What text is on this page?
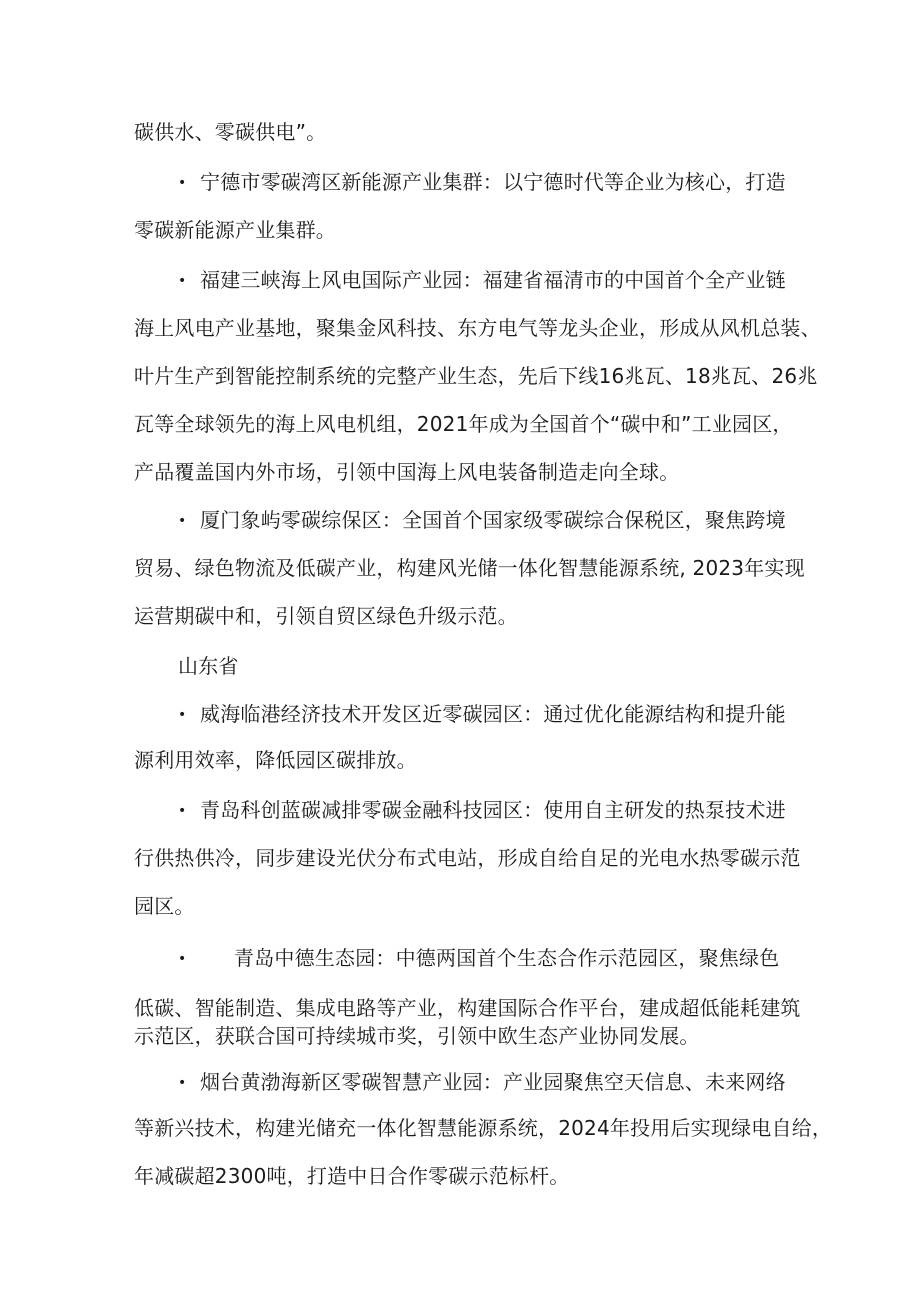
碳供水、零碳供电”。
• 宁德市零碳湾区新能源产业集群：以宁德时代等企业为核心，打造
零碳新能源产业集群。
• 福建三峡海上风电国际产业园：福建省福清市的中国首个全产业链
海上风电产业基地，聚集金风科技、东方电气等龙头企业，形成从风机总装、
叶片生产到智能控制系统的完整产业生态，先后下线16兆瓦、18兆瓦、26兆
瓦等全球领先的海上风电机组，2021年成为全国首个“碳中和”工业园区，
产品覆盖国内外市场，引领中国海上风电装备制造走向全球。
• 厦门象屿零碳综保区：全国首个国家级零碳综合保税区，聚焦跨境
贸易、绿色物流及低碳产业，构建风光储一体化智慧能源系统, 2023年实现
运营期碳中和，引领自贸区绿色升级示范。
山东省
• 威海临港经济技术开发区近零碳园区：通过优化能源结构和提升能
源利用效率，降低园区碳排放。
• 青岛科创蓝碳减排零碳金融科技园区：使用自主研发的热泵技术进
行供热供冷，同步建设光伏分布式电站，形成自给自足的光电水热零碳示范
园区。
• 青岛中德生态园：中德两国首个生态合作示范园区，聚焦绿色
低碳、智能制造、集成电路等产业，构建国际合作平台，建成超低能耗建筑
示范区，获联合国可持续城市奖，引领中欧生态产业协同发展。
• 烟台黄渤海新区零碳智慧产业园：产业园聚焦空天信息、未来网络
等新兴技术，构建光储充一体化智慧能源系统，2024年投用后实现绿电自给，
年减碳超2300吨，打造中日合作零碳示范标杆。
